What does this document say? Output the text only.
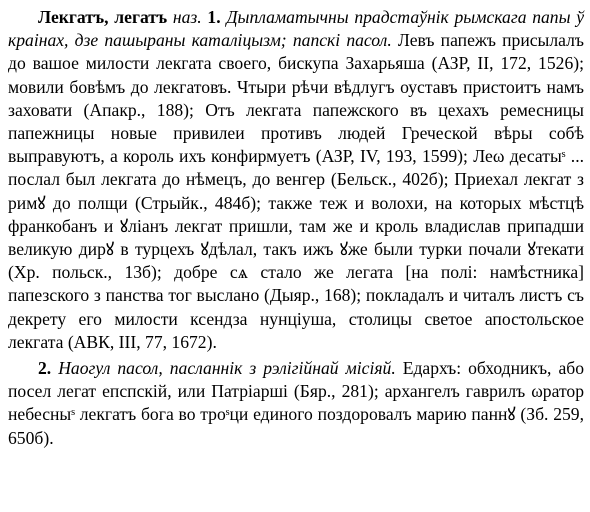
Лекгатъ, легатъ наз. 1. Дыпламатычны прадстаўнік рымскага папы ў краінах, дзе пашыраны каталіцызм; папскі пасол. Левъ папежъ присылалъ до вашое милости лекгата своего, бискупа Захарьяша (АЗР, II, 172, 1526); мовили бовѣмъ до лекгатовъ. Чтыри рѣчи вѣдлугъ оуставъ пристоитъ намъ заховати (Апакр., 188); Отъ лекгата папежского въ цехахъ ремесницы папежницы новые привилеи противъ людей Греческой вѣры собѣ выправуютъ, а король ихъ конфирмуетъ (АЗР, IV, 193, 1599); Леω десатыˢ ... послал был лекгата до нѣмецъ, до венгер (Бельск., 402б); Приехал лекгат з римꙋ до полщи (Стрыйк., 484б); также теж и волохи, на которых мѣстцѣ франкобанъ и ꙋліанъ лекгат пришли, там же и кроль владислав припадши великую дирꙋ в турцехъ ꙋдѣлал, такъ ижъ ꙋже были турки почали ꙋтекати (Хр. польск., 13б); добре сѧ стало же легата [на полі: намѣстника] папезского з панства тог выслано (Дыяр., 168); покладалъ и читалъ листъ съ декрету его милости ксендза нунціуша, столицы светое апостольское лекгата (АВК, III, 77, 1672).

2. Наогул пасол, пасланнік з рэлігійнай місіяй. Едархъ: обходникъ, або посел легат епспскій, или Патріарші (Бяр., 281); архангелъ гаврилъ ωратор небесныˢ лекгатъ бога во троˢци единого поздоровалъ марию паннꙋ (Зб. 259, 650б).
